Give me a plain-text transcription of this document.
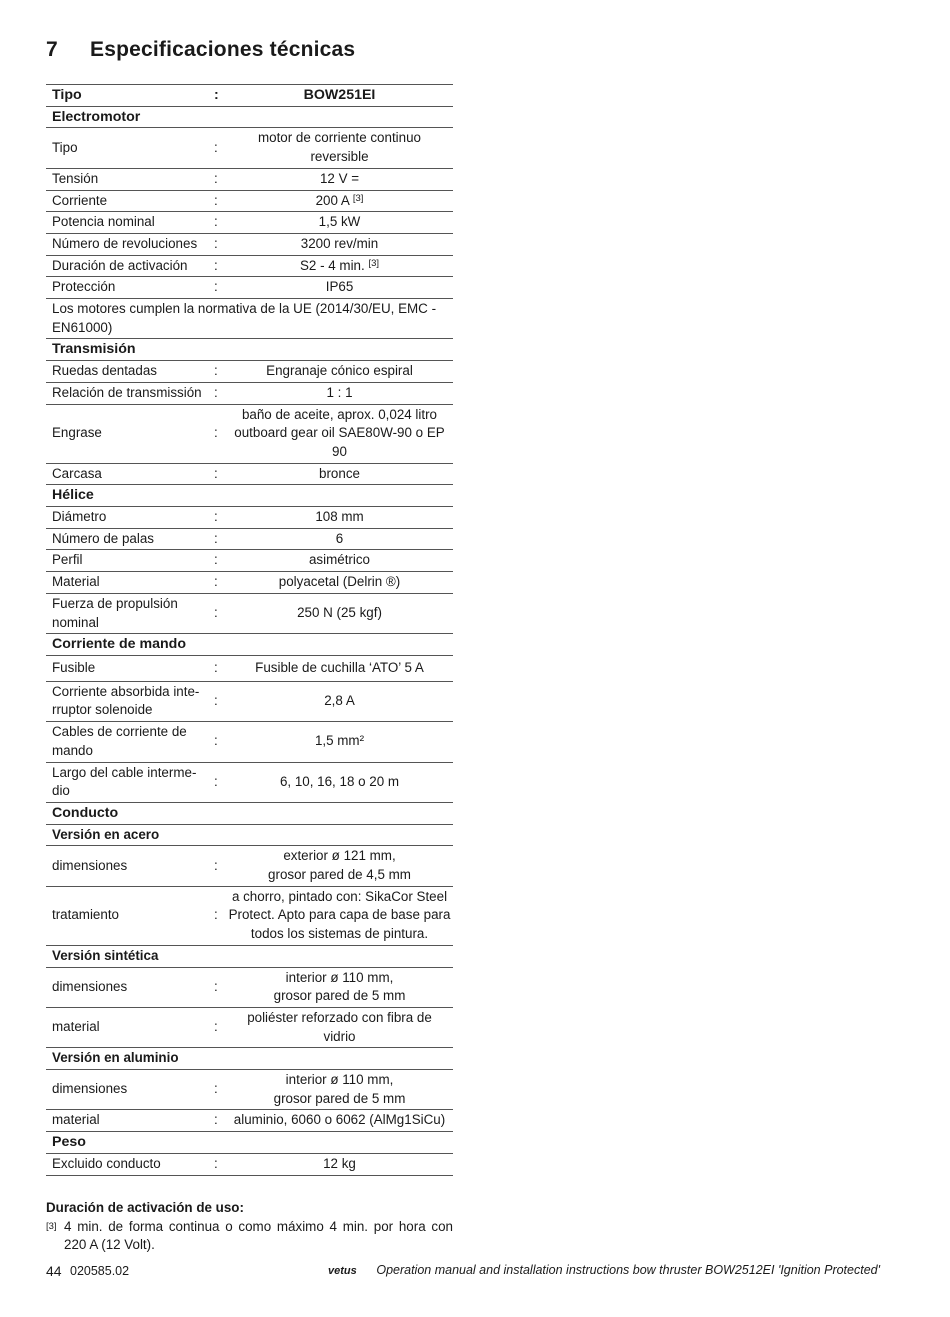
7 Especificaciones técnicas
Tipo	:	BOW251EI
Electromotor		
Tipo	:	motor de corriente continuo reversible
Tensión	:	12 V =
Corriente	:	200 A [3]
Potencia nominal	:	1,5 kW
Número de revoluciones	:	3200 rev/min
Duración de activación	:	S2 - 4 min. [3]
Protección	:	IP65
Los motores cumplen la normativa de la UE (2014/30/EU, EMC - EN61000)		
Transmisión		
Ruedas dentadas	:	Engranaje cónico espiral
Relación de transmissión	:	1 : 1
Engrase	:	baño de aceite, aprox. 0,024 litro outboard gear oil SAE80W-90 o EP 90
Carcasa	:	bronce
Hélice		
Diámetro	:	108 mm
Número de palas	:	6
Perfil	:	asimétrico
Material	:	polyacetal (Delrin ®)
Fuerza de propulsión nominal	:	250 N (25 kgf)
Corriente de mando		
Fusible	:	Fusible de cuchilla ‘ATO’ 5 A
Corriente absorbida inte-rruptor solenoide	:	2,8 A
Cables de corriente de mando	:	1,5 mm²
Largo del cable interme-dio	:	6, 10, 16, 18 o 20 m
Conducto		
Versión en acero		
dimensiones	:	exterior ø 121 mm,
grosor pared de 4,5 mm

tratamiento	:	a chorro, pintado con: SikaCor Steel Protect. Apto para capa de base para todos los sistemas de pintura.
Versión sintética		
dimensiones	:	interior ø 110 mm,
grosor pared de 5 mm

material	:	poliéster reforzado con fibra de vidrio
Versión en aluminio		
dimensiones	:	interior ø 110 mm,
grosor pared de 5 mm

material	:	aluminio, 6060 o 6062 (AlMg1SiCu)
Peso		
Excluido conducto	:	12 kg
Duración de activación de uso:
[3] 4 min. de forma continua o como máximo 4 min. por hora con 220 A (12 Volt).
44 020585.02	vetus Operation manual and installation instructions bow thruster BOW2512EI 'Ignition Protected'
